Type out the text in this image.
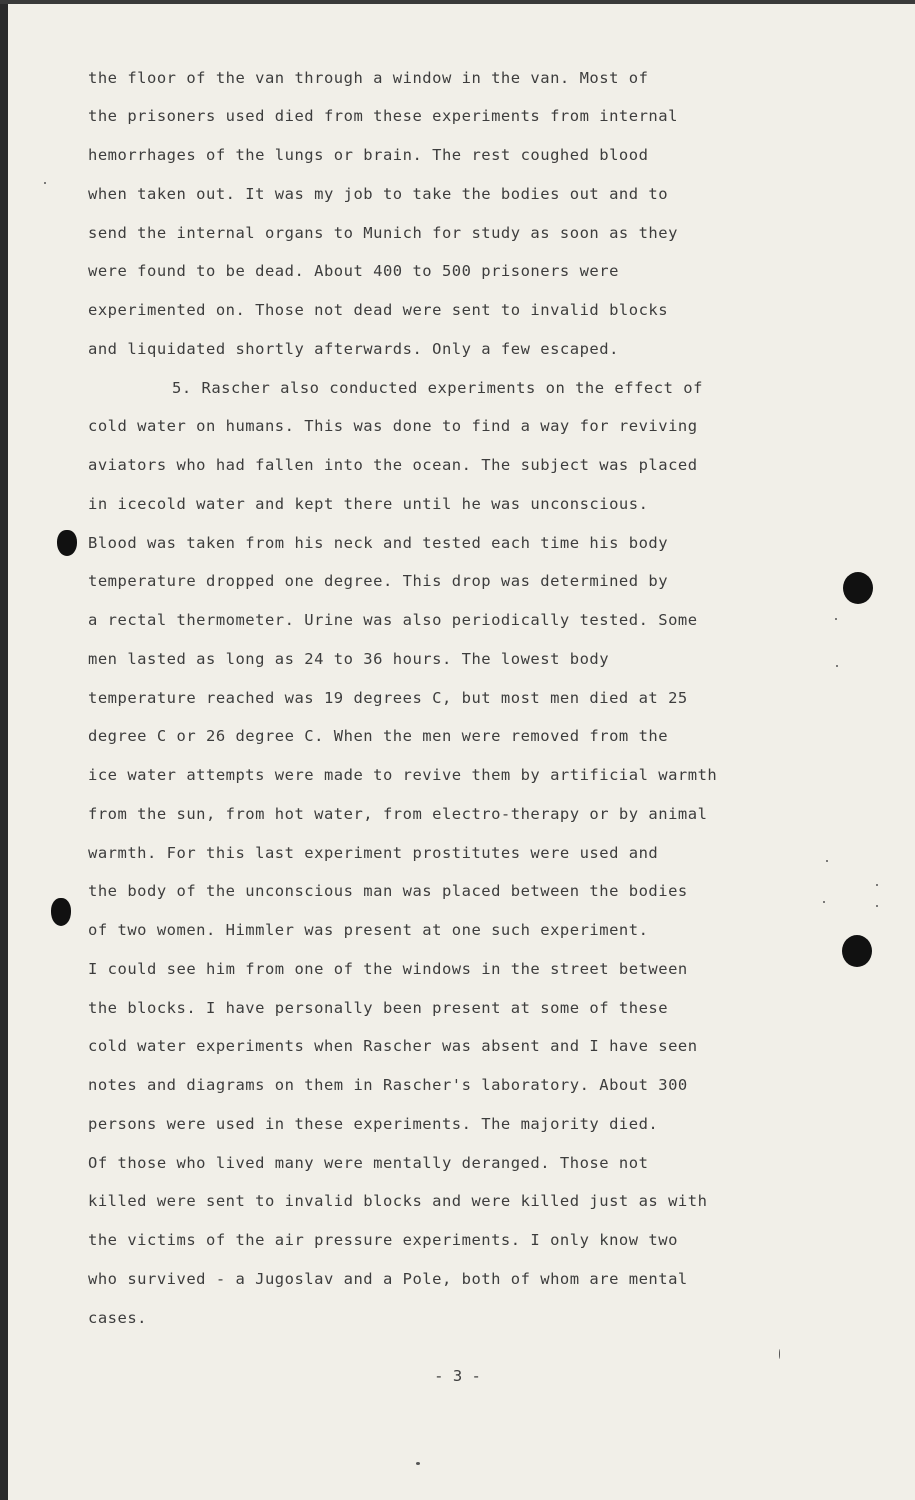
the floor of the van through a window in the van. Most of
the prisoners used died from these experiments from internal
hemorrhages of the lungs or brain. The rest coughed blood
when taken out. It was my job to take the bodies out and to
send the internal organs to Munich for study as soon as they
were found to be dead. About 400 to 500 prisoners were
experimented on. Those not dead were sent to invalid blocks
and liquidated shortly afterwards. Only a few escaped.
5. Rascher also conducted experiments on the effect of
cold water on humans. This was done to find a way for reviving
aviators who had fallen into the ocean. The subject was placed
in icecold water and kept there until he was unconscious.
Blood was taken from his neck and tested each time his body
temperature dropped one degree. This drop was determined by
a rectal thermometer. Urine was also periodically tested. Some
men lasted as long as 24 to 36 hours. The lowest body
temperature reached was 19 degrees C, but most men died at 25
degree C or 26 degree C. When the men were removed from the
ice water attempts were made to revive them by artificial warmth
from the sun, from hot water, from electro-therapy or by animal
warmth. For this last experiment prostitutes were used and
the body of the unconscious man was placed between the bodies
of two women. Himmler was present at one such experiment.
I could see him from one of the windows in the street between
the blocks. I have personally been present at some of these
cold water experiments when Rascher was absent and I have seen
notes and diagrams on them in Rascher's laboratory. About 300
persons were used in these experiments. The majority died.
Of those who lived many were mentally deranged. Those not
killed were sent to invalid blocks and were killed just as with
the victims of the air pressure experiments. I only know two
who survived - a Jugoslav and a Pole, both of whom are mental
cases.
- 3 -
